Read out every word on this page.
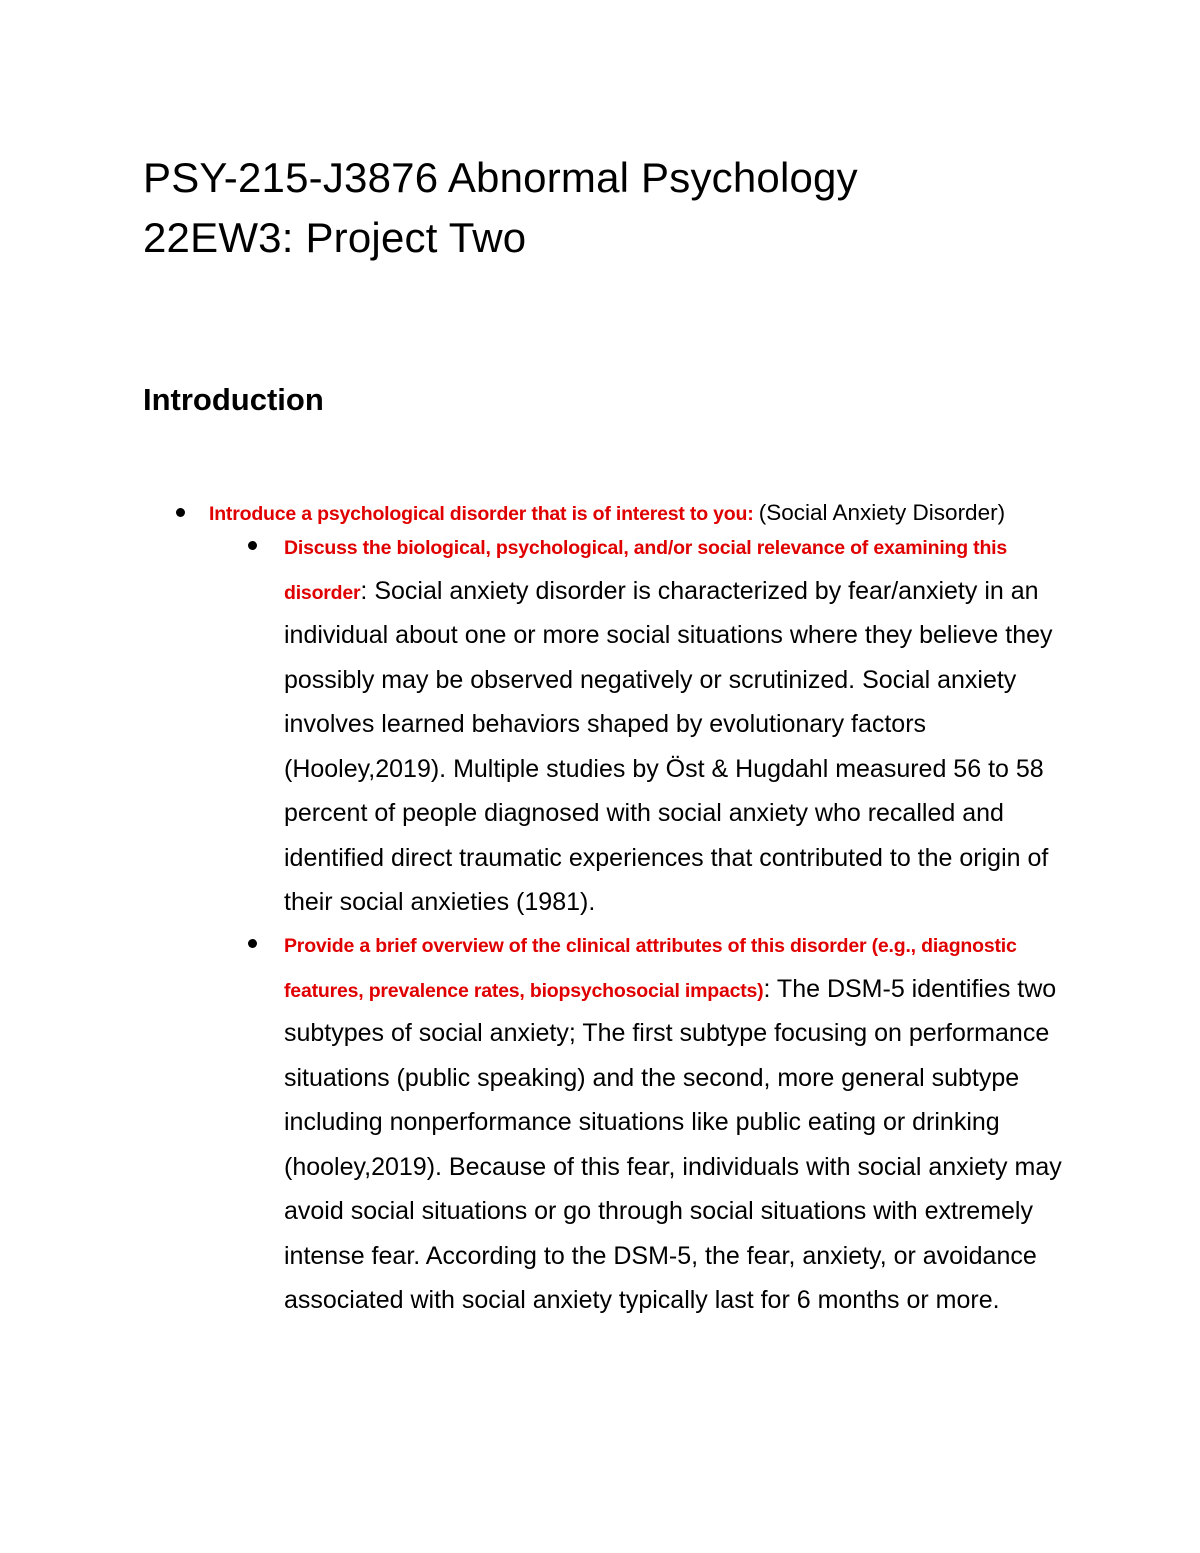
PSY-215-J3876 Abnormal Psychology
22EW3: Project Two
Introduction

Introduce a psychological disorder that is of interest to you: (Social Anxiety Disorder)

Discuss the biological, psychological, and/or social relevance of examining this disorder: Social anxiety disorder is characterized by fear/anxiety in an individual about one or more social situations where they believe they possibly may be observed negatively or scrutinized. Social anxiety involves learned behaviors shaped by evolutionary factors (Hooley,2019). Multiple studies by Öst & Hugdahl measured 56 to 58 percent of people diagnosed with social anxiety who recalled and identified direct traumatic experiences that contributed to the origin of their social anxieties (1981).

Provide a brief overview of the clinical attributes of this disorder (e.g., diagnostic features, prevalence rates, biopsychosocial impacts): The DSM-5 identifies two subtypes of social anxiety; The first subtype focusing on performance situations (public speaking) and the second, more general subtype including nonperformance situations like public eating or drinking (hooley,2019). Because of this fear, individuals with social anxiety may avoid social situations or go through social situations with extremely intense fear. According to the DSM-5, the fear, anxiety, or avoidance associated with social anxiety typically last for 6 months or more.
